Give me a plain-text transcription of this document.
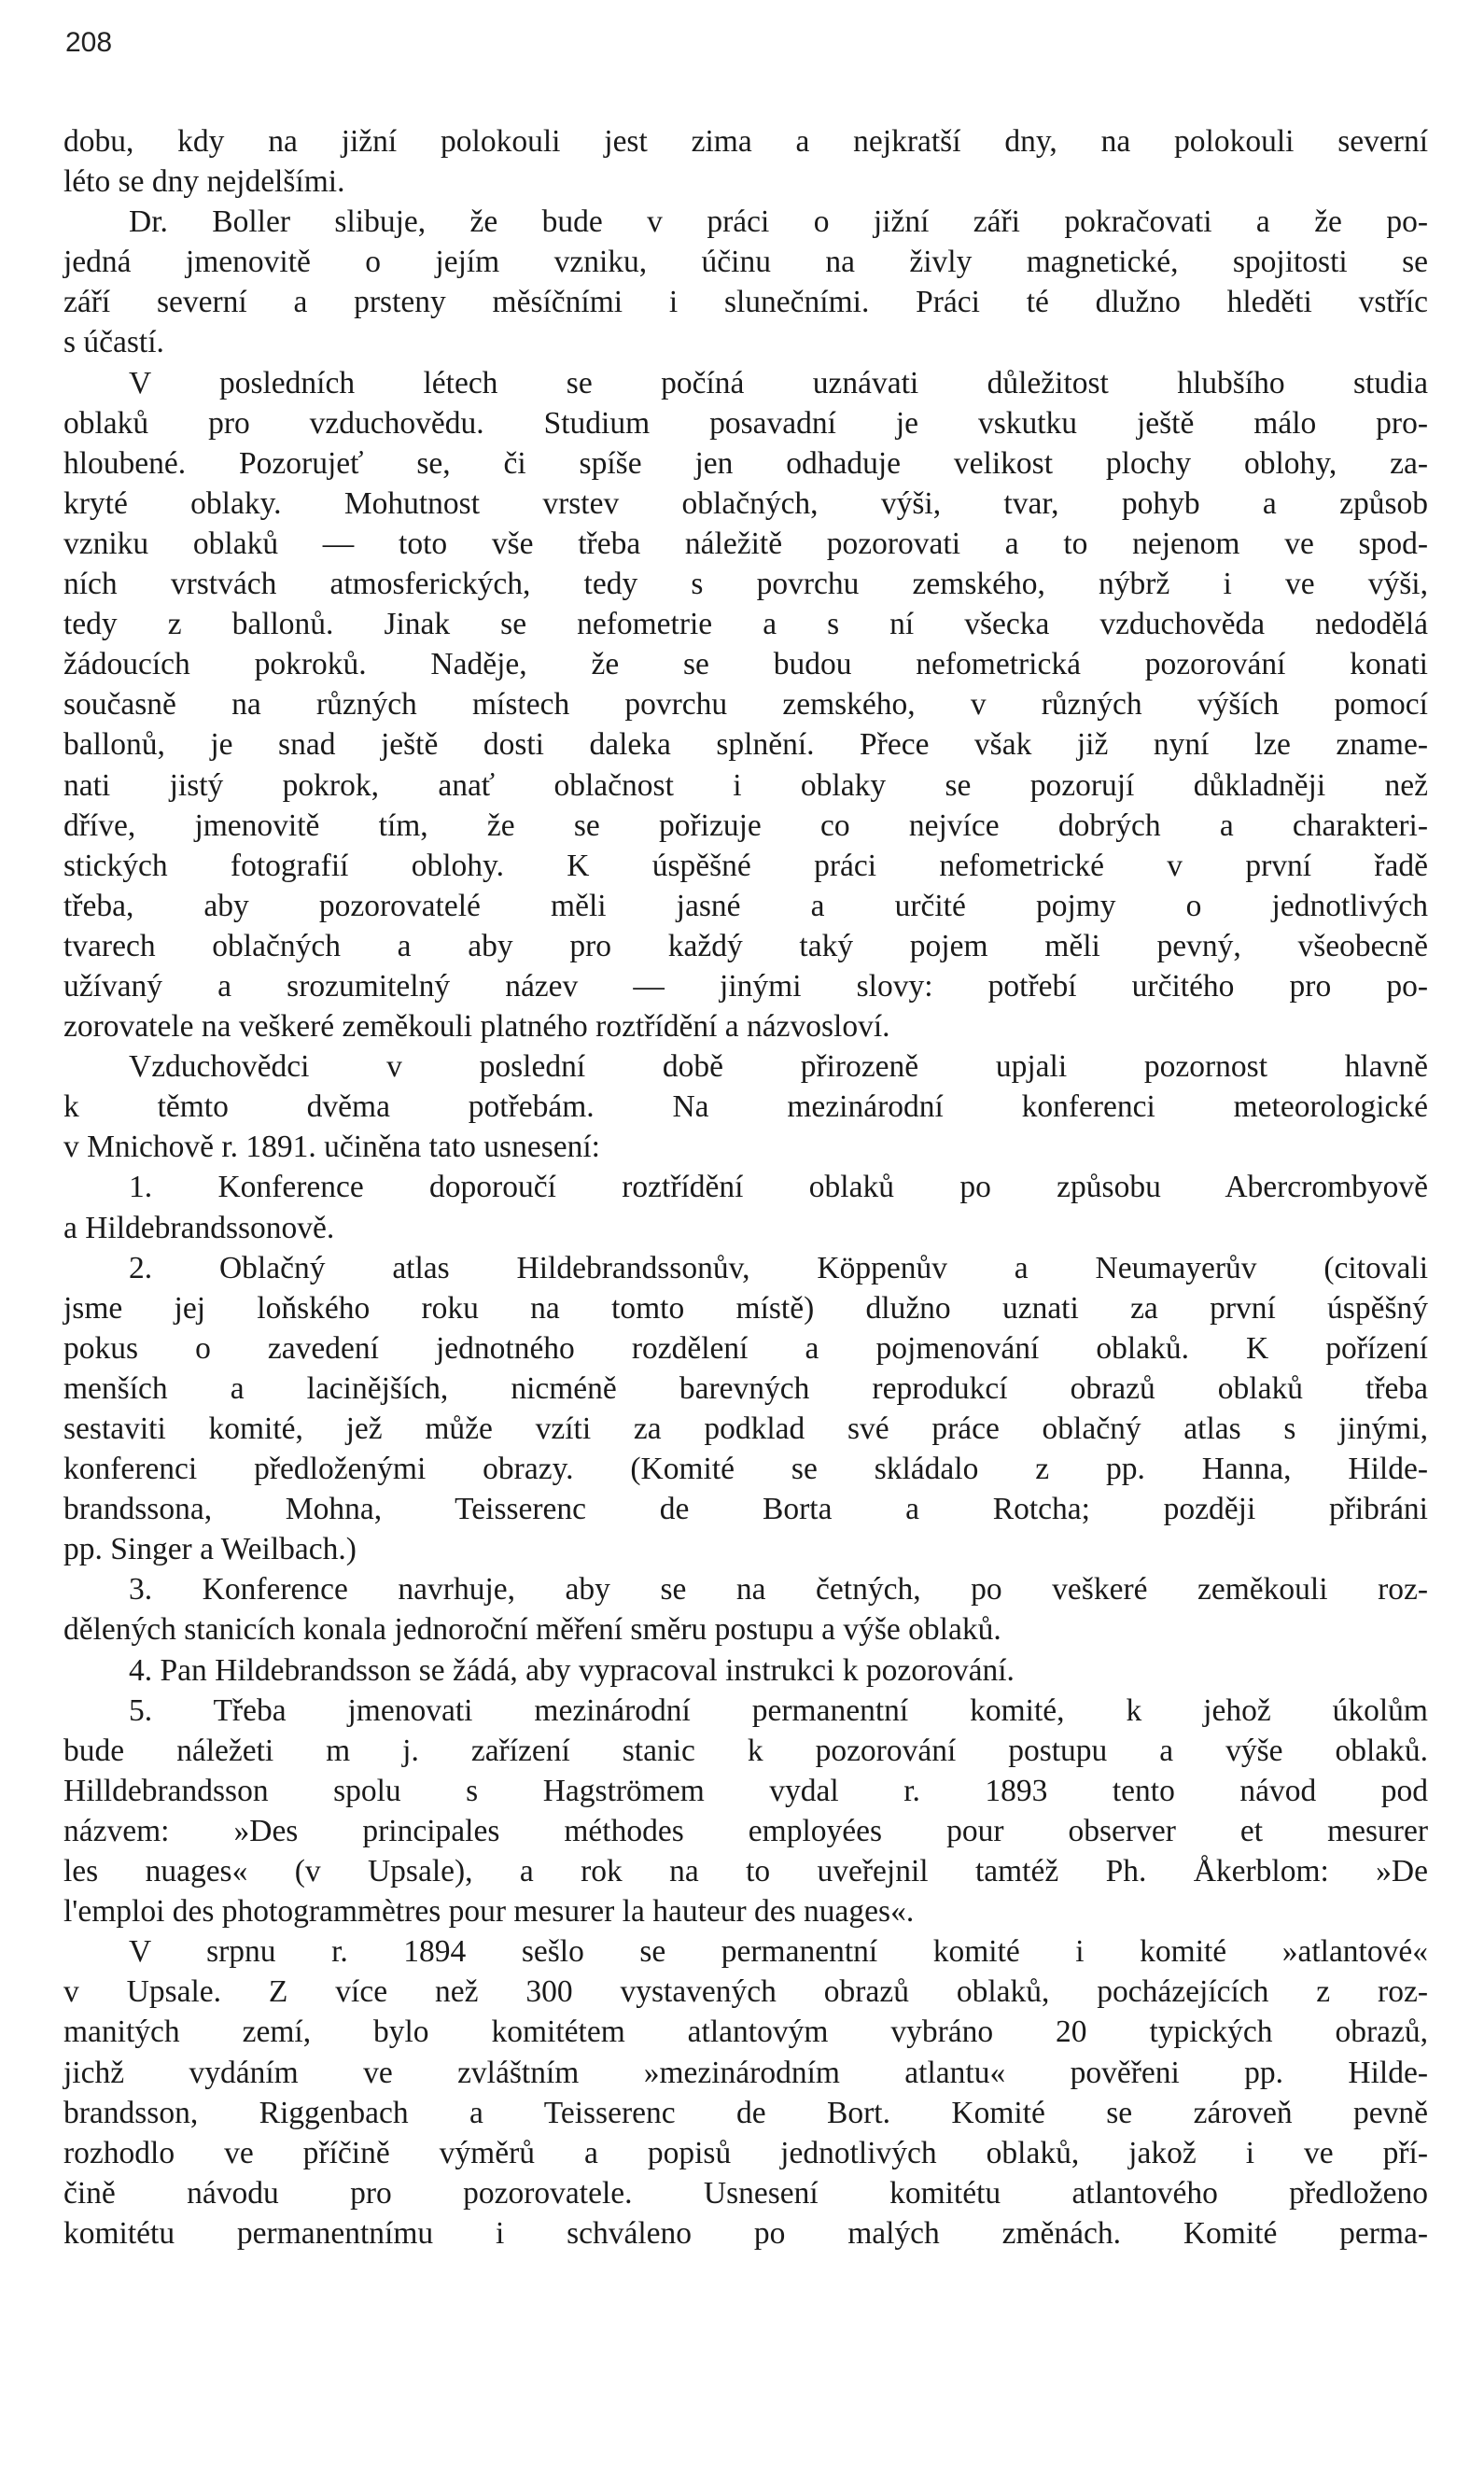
208
dobu, kdy na jižní polokouli jest zima a nejkratší dny, na polokouli severní
léto se dny nejdelšími.
Dr. Boller slibuje, že bude v práci o jižní záři pokračovati a že po-
jedná jmenovitě o jejím vzniku, účinu na živly magnetické, spojitosti se
září severní a prsteny měsíčními i slunečními. Práci té dlužno hleděti vstříc
s účastí.
V posledních létech se počíná uznávati důležitost hlubšího studia
oblaků pro vzduchovědu. Studium posavadní je vskutku ještě málo pro-
hloubené. Pozorujeť se, či spíše jen odhaduje velikost plochy oblohy, za-
kryté oblaky. Mohutnost vrstev oblačných, výši, tvar, pohyb a způsob
vzniku oblaků — toto vše třeba náležitě pozorovati a to nejenom ve spod-
ních vrstvách atmosferických, tedy s povrchu zemského, nýbrž i ve výši,
tedy z ballonů. Jinak se nefometrie a s ní všecka vzduchověda nedodělá
žádoucích pokroků. Naděje, že se budou nefometrická pozorování konati
současně na různých místech povrchu zemského, v různých výších pomocí
ballonů, je snad ještě dosti daleka splnění. Přece však již nyní lze zname-
nati jistý pokrok, anať oblačnost i oblaky se pozorují důkladněji než
dříve, jmenovitě tím, že se pořizuje co nejvíce dobrých a charakteri-
stických fotografií oblohy. K úspěšné práci nefometrické v první řadě
třeba, aby pozorovatelé měli jasné a určité pojmy o jednotlivých
tvarech oblačných a aby pro každý taký pojem měli pevný, všeobecně
užívaný a srozumitelný název — jinými slovy: potřebí určitého pro po-
zorovatele na veškeré zeměkouli platného roztřídění a názvosloví.
Vzduchovědci v poslední době přirozeně upjali pozornost hlavně
k těmto dvěma potřebám. Na mezinárodní konferenci meteorologické
v Mnichově r. 1891. učiněna tato usnesení:
1. Konference doporoučí roztřídění oblaků po způsobu Abercrombyově
a Hildebrandssonově.
2. Oblačný atlas Hildebrandssonův, Köppenův a Neumayerův (citovali
jsme jej loňského roku na tomto místě) dlužno uznati za první úspěšný
pokus o zavedení jednotného rozdělení a pojmenování oblaků. K pořízení
menších a lacinějších, nicméně barevných reprodukcí obrazů oblaků třeba
sestaviti komité, jež může vzíti za podklad své práce oblačný atlas s jinými,
konferenci předloženými obrazy. (Komité se skládalo z pp. Hanna, Hilde-
brandssona, Mohna, Teisserenc de Borta a Rotcha; později přibráni
pp. Singer a Weilbach.)
3. Konference navrhuje, aby se na četných, po veškeré zeměkouli roz-
dělených stanicích konala jednoroční měření směru postupu a výše oblaků.
4. Pan Hildebrandsson se žádá, aby vypracoval instrukci k pozorování.
5. Třeba jmenovati mezinárodní permanentní komité, k jehož úkolům
bude náležeti m j. zařízení stanic k pozorování postupu a výše oblaků.
Hilldebrandsson spolu s Hagströmem vydal r. 1893 tento návod pod
názvem: »Des principales méthodes employées pour observer et mesurer
les nuages« (v Upsale), a rok na to uveřejnil tamtéž Ph. Åkerblom: »De
l'emploi des photogrammètres pour mesurer la hauteur des nuages«.
V srpnu r. 1894 sešlo se permanentní komité i komité »atlantové«
v Upsale. Z více než 300 vystavených obrazů oblaků, pocházejících z roz-
manitých zemí, bylo komitétem atlantovým vybráno 20 typických obrazů,
jichž vydáním ve zvláštním »mezinárodním atlantu« pověřeni pp. Hilde-
brandsson, Riggenbach a Teisserenc de Bort. Komité se zároveň pevně
rozhodlo ve příčině výměrů a popisů jednotlivých oblaků, jakož i ve pří-
čině návodu pro pozorovatele. Usnesení komitétu atlantového předloženo
komitétu permanentnímu i schváleno po malých změnách. Komité perma-
